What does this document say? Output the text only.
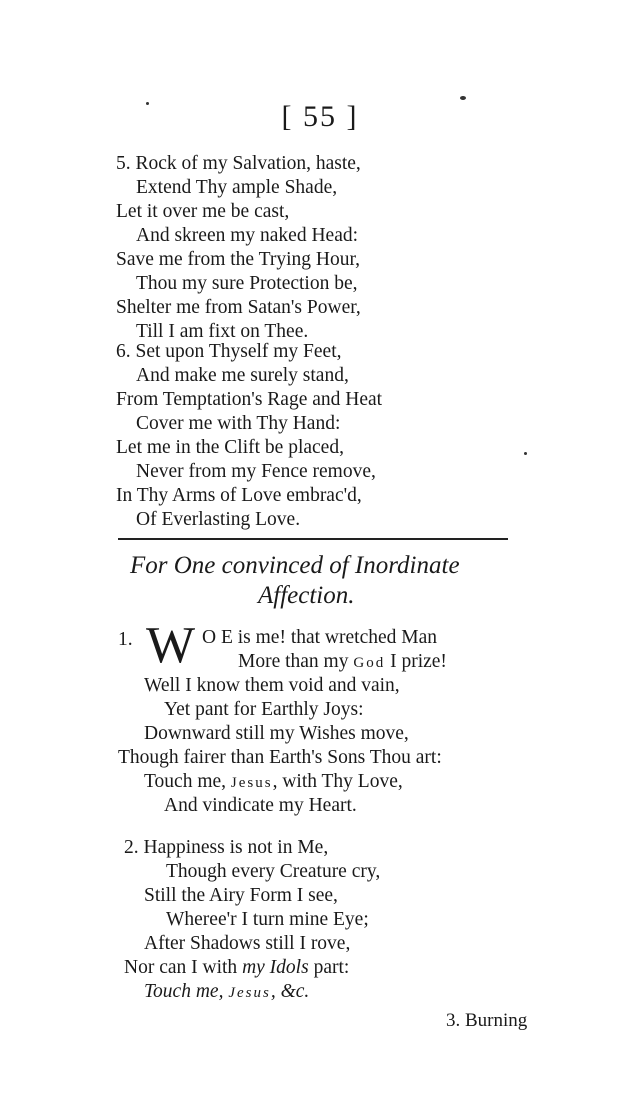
[ 55 ]
5. Rock of my Salvation, haste,
Extend Thy ample Shade,
Let it over me be cast,
And skreen my naked Head:
Save me from the Trying Hour,
Thou my sure Protection be,
Shelter me from Satan's Power,
Till I am fixt on Thee.
6. Set upon Thyself my Feet,
And make me surely stand,
From Temptation's Rage and Heat
Cover me with Thy Hand:
Let me in the Clift be placed,
Never from my Fence remove,
In Thy Arms of Love embrac'd,
Of Everlasting Love.
For One convinced of Inordinate
Affection.
1. W O E is me! that wretched Man
More than my God I prize!
Well I know them void and vain,
Yet pant for Earthly Joys:
Downward still my Wishes move,
Though fairer than Earth's Sons Thou art:
Touch me, Jesus, with Thy Love,
And vindicate my Heart.
2. Happiness is not in Me,
Though every Creature cry,
Still the Airy Form I see,
Wheree'r I turn mine Eye;
After Shadows still I rove,
Nor can I with my Idols part:
Touch me, Jesus, &c.
3. Burning
